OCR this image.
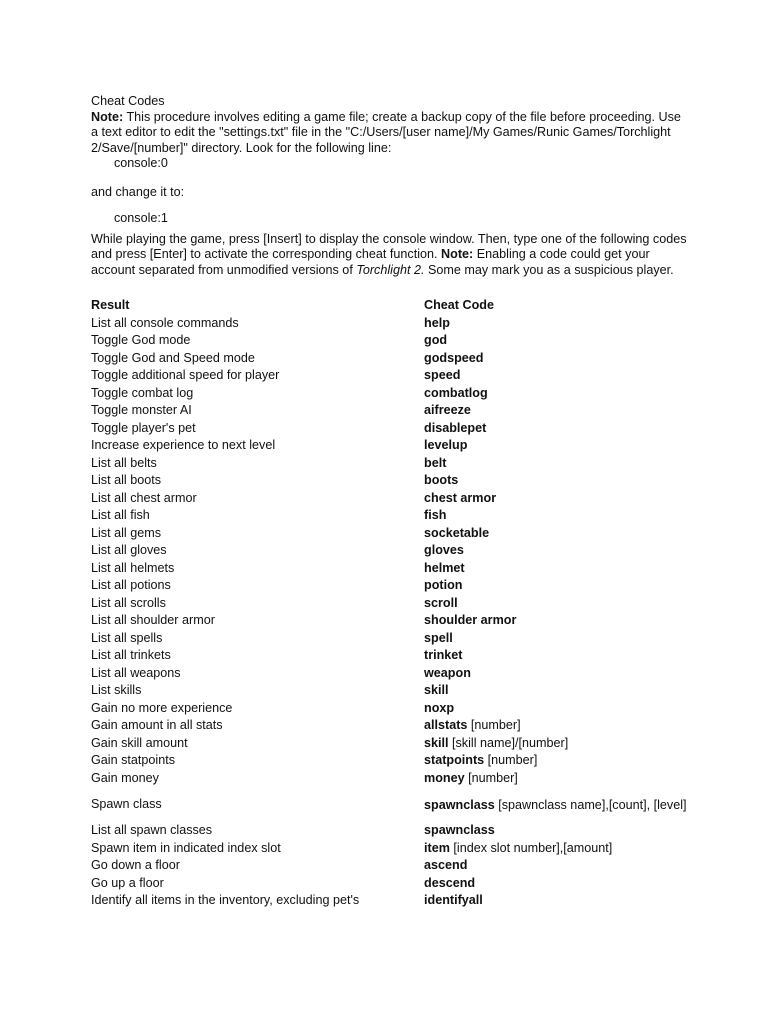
Cheat Codes

Note: This procedure involves editing a game file; create a backup copy of the file before proceeding. Use a text editor to edit the "settings.txt" file in the "C:/Users/[user name]/My Games/Runic Games/Torchlight 2/Save/[number]" directory. Look for the following line:

console:0

and change it to:

console:1

While playing the game, press [Insert] to display the console window. Then, type one of the following codes and press [Enter] to activate the corresponding cheat function. Note: Enabling a code could get your account separated from unmodified versions of Torchlight 2. Some may mark you as a suspicious player.

Result	Cheat Code
List all console commands	help
Toggle God mode	god
Toggle God and Speed mode	godspeed
Toggle additional speed for player	speed
Toggle combat log	combatlog
Toggle monster AI	aifreeze
Toggle player's pet	disablepet
Increase experience to next level	levelup
List all belts	belt
List all boots	boots
List all chest armor	chest armor
List all fish	fish
List all gems	socketable
List all gloves	gloves
List all helmets	helmet
List all potions	potion
List all scrolls	scroll
List all shoulder armor	shoulder armor
List all spells	spell
List all trinkets	trinket
List all weapons	weapon
List skills	skill
Gain no more experience	noxp
Gain amount in all stats	allstats [number]
Gain skill amount	skill [skill name]/[number]
Gain statpoints	statpoints [number]
Gain money	money [number]
Spawn class	spawnclass [spawnclass name],[count], [level]
List all spawn classes	spawnclass
Spawn item in indicated index slot	item [index slot number],[amount]
Go down a floor	ascend
Go up a floor	descend
Identify all items in the inventory, excluding pet's	identifyall
